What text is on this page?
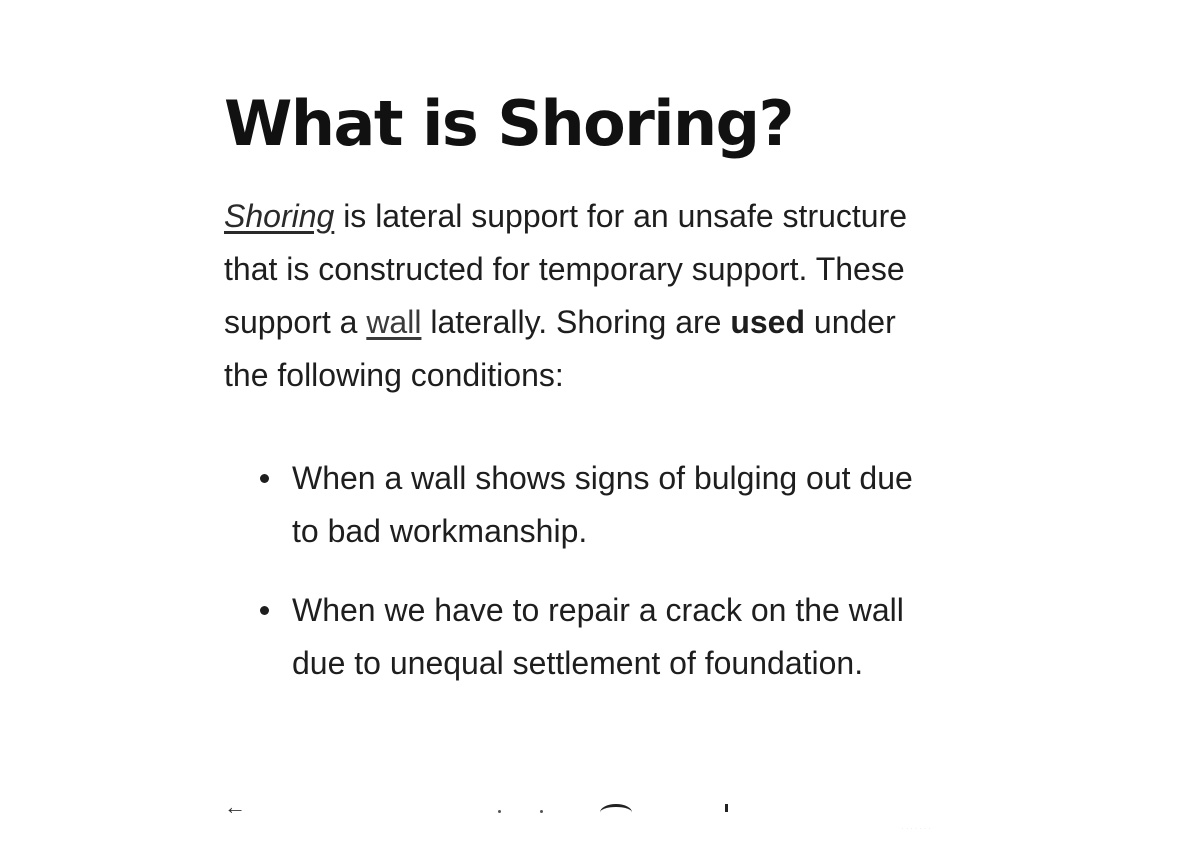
What is Shoring?

Shoring is lateral support for an unsafe structure that is constructed for temporary support. These support a wall laterally. Shoring are used under the following conditions:

When a wall shows signs of bulging out due to bad workmanship.
When we have to repair a crack on the wall due to unequal settlement of foundation.
←
· · · · · · ·
